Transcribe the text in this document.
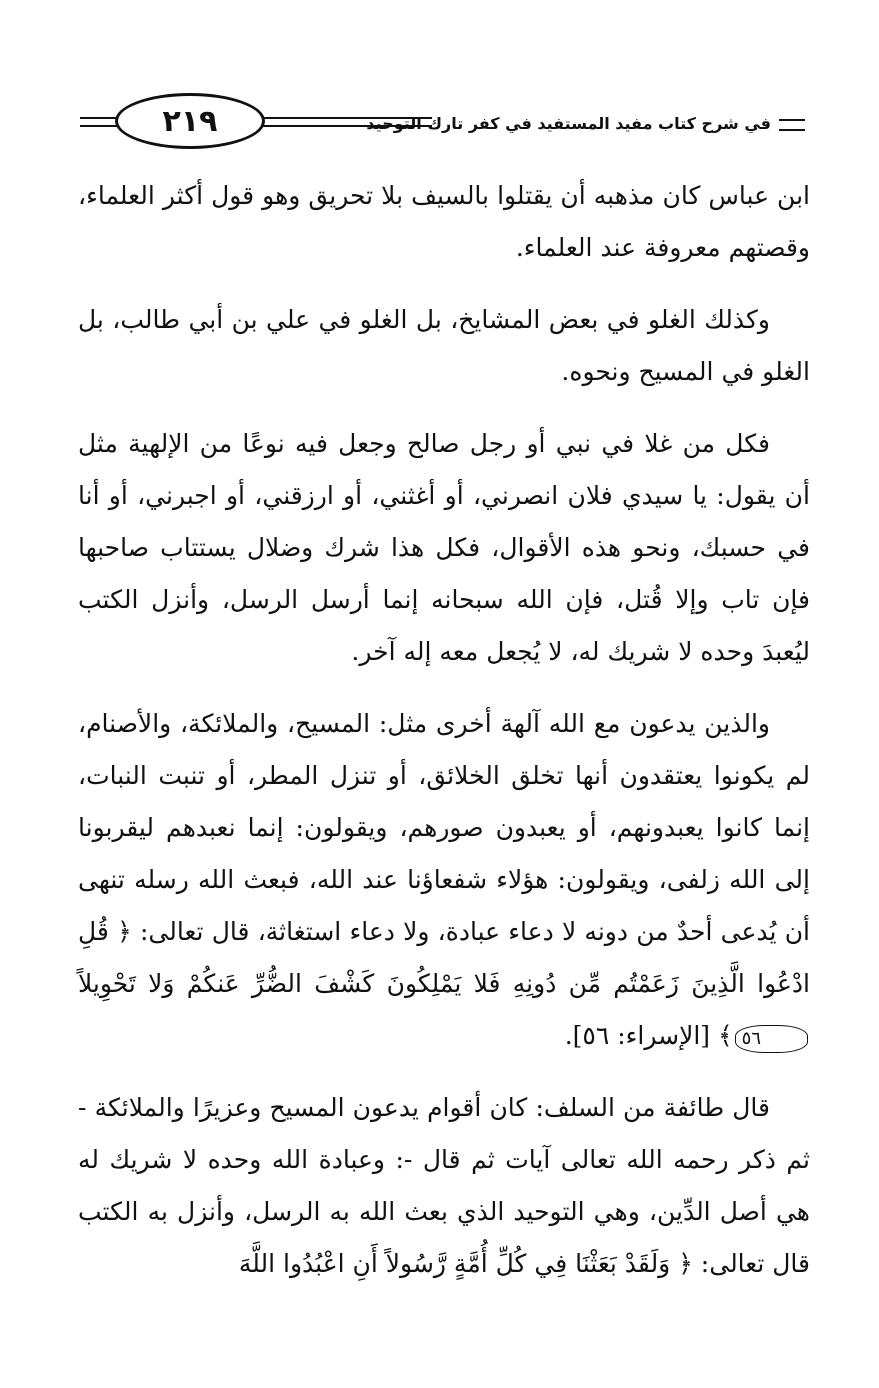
٢١٩	في شرح كتاب مفيد المستفيد في كفر تارك التوحيد

ابن عباس كان مذهبه أن يقتلوا بالسيف بلا تحريق وهو قول أكثر العلماء، وقصتهم معروفة عند العلماء.

وكذلك الغلو في بعض المشايخ، بل الغلو في علي بن أبي طالب، بل الغلو في المسيح ونحوه.

فكل من غلا في نبي أو رجل صالح وجعل فيه نوعًا من الإلهية مثل أن يقول: يا سيدي فلان انصرني، أو أغثني، أو ارزقني، أو اجبرني، أو أنا في حسبك، ونحو هذه الأقوال، فكل هذا شرك وضلال يستتاب صاحبها فإن تاب وإلا قُتل، فإن الله سبحانه إنما أرسل الرسل، وأنزل الكتب ليُعبدَ وحده لا شريك له، لا يُجعل معه إله آخر.

والذين يدعون مع الله آلهة أخرى مثل: المسيح، والملائكة، والأصنام، لم يكونوا يعتقدون أنها تخلق الخلائق، أو تنزل المطر، أو تنبت النبات، إنما كانوا يعبدونهم، أو يعبدون صورهم، ويقولون: إنما نعبدهم ليقربونا إلى الله زلفى، ويقولون: هؤلاء شفعاؤنا عند الله، فبعث الله رسله تنهى أن يُدعى أحدٌ من دونه لا دعاء عبادة، ولا دعاء استغاثة، قال تعالى: ﴿ قُلِ ادْعُوا الَّذِينَ زَعَمْتُم مِّن دُونِهِ فَلا يَمْلِكُونَ كَشْفَ الضُّرِّ عَنكُمْ وَلا تَحْوِيلاً ٥٦﴾ [الإسراء: ٥٦].

قال طائفة من السلف: كان أقوام يدعون المسيح وعزيرًا والملائكة - ثم ذكر رحمه الله تعالى آيات ثم قال -: وعبادة الله وحده لا شريك له هي أصل الدِّين، وهي التوحيد الذي بعث الله به الرسل، وأنزل به الكتب قال تعالى: ﴿ وَلَقَدْ بَعَثْنَا فِي كُلِّ أُمَّةٍ رَّسُولاً أَنِ اعْبُدُوا اللَّهَ
